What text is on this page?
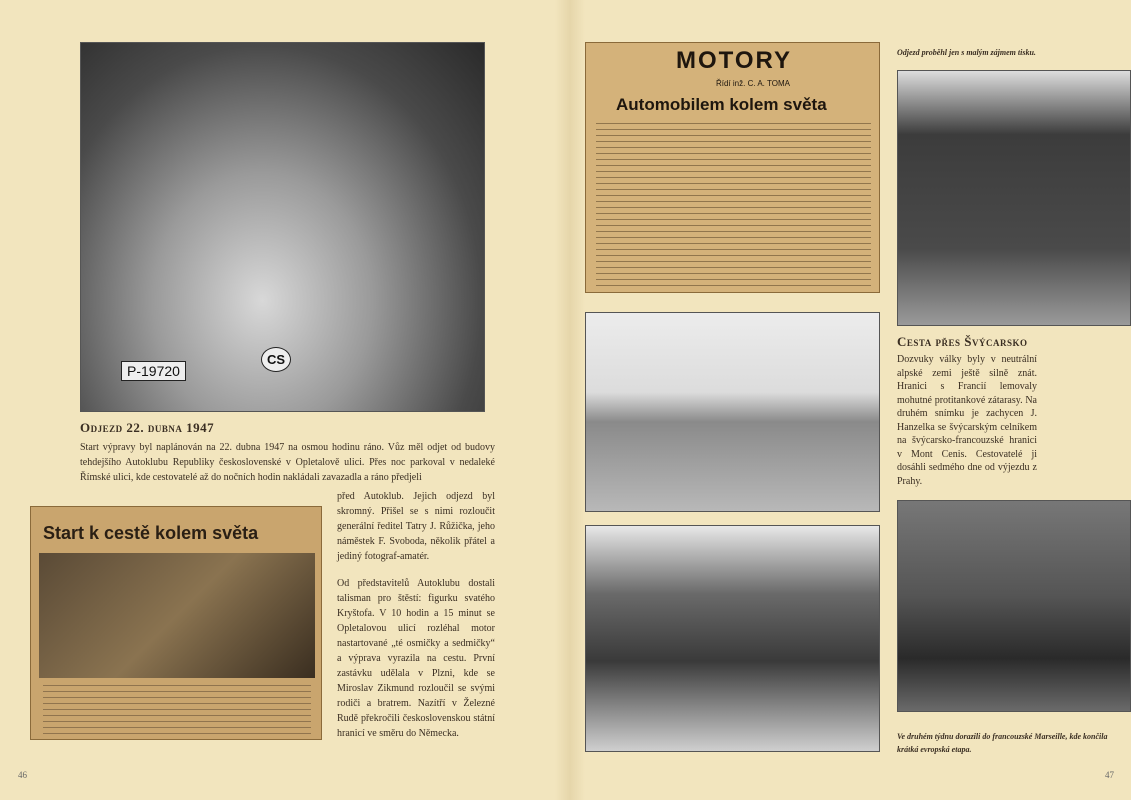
P-19720
CS
Odjezd 22. dubna 1947

Start výpravy byl naplánován na 22. dubna 1947 na osmou hodinu ráno. Vůz měl odjet od budovy tehdejšího Autoklubu Republiky československé v Opletalově ulici. Přes noc parkoval v nedaleké Římské ulici, kde cestovatelé až do nočních hodin nakládali zavazadla a ráno předjeli

před Autoklub. Jejich odjezd byl skromný. Přišel se s nimi rozloučit generální ředitel Tatry J. Růžička, jeho náměstek F. Svoboda, několik přátel a jediný fotograf-amatér.

Od představitelů Autoklubu dostali talisman pro štěstí: figurku svatého Kryštofa. V 10 hodin a 15 minut se Opletalovou ulicí rozléhal motor nastartované „té osmičky a sedmičky“ a výprava vyrazila na cestu. První zastávku udělala v Plzni, kde se Miroslav Zikmund rozloučil se svými rodiči a bratrem. Nazítří v Železné Rudě překročili československou státní hranicí ve směru do Německa.

Start k cestě kolem světa
46
MOTORY
Řídí inž. C. A. TOMA
Automobilem kolem světa
Odjezd proběhl jen s malým zájmem tisku.
Cesta přes Švýcarsko

Dozvuky války byly v neutrální alpské zemi ještě silně znát. Hranici s Francií lemovaly mohutné protitankové zátarasy. Na druhém snímku je zachycen J. Hanzelka se švýcarským celníkem na švýcarsko-francouzské hranici v Mont Cenis. Cestovatelé ji dosáhli sedmého dne od výjezdu z Prahy.

Ve druhém týdnu dorazili do francouzské Marseille, kde končila krátká evropská etapa.
47
